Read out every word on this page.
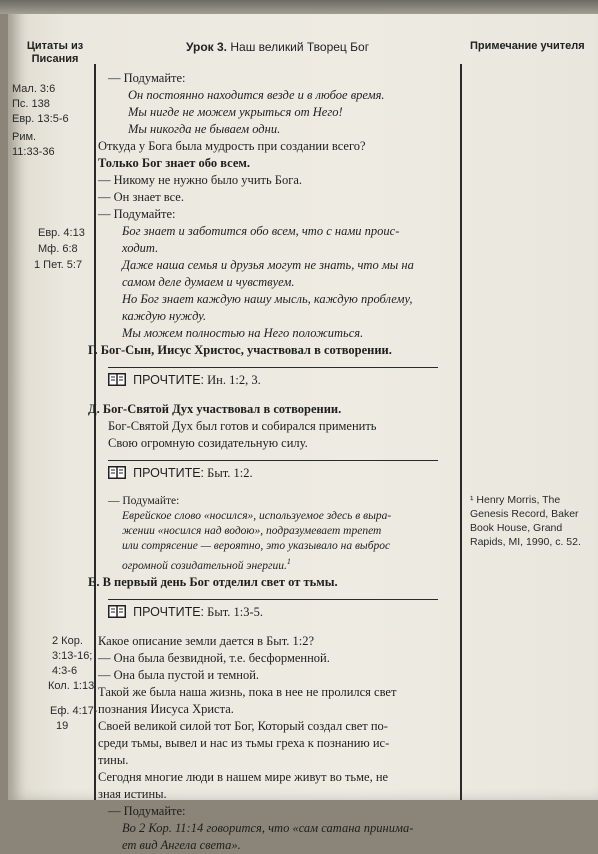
Цитаты из Писания
Урок 3. Наш великий Творец Бог	Примечание учителя
Мал. 3:6
Пс. 138
Евр. 13:5-6
Рим.
11:33-36
Евр. 4:13
Мф. 6:8
1 Пет. 5:7
2 Кор.
3:13-16;
4:3-6
Кол. 1:13
Еф. 4:17-
19
— Подумайте:
Он постоянно находится везде и в любое время.
Мы нигде не можем укрыться от Него!
Мы никогда не бываем одни.
Откуда у Бога была мудрость при создании всего?
Только Бог знает обо всем.
— Никому не нужно было учить Бога.
— Он знает все.
— Подумайте:
Бог знает и заботится обо всем, что с нами проис-
ходит.
Даже наша семья и друзья могут не знать, что мы на
самом деле думаем и чувствуем.
Но Бог знает каждую нашу мысль, каждую проблему,
каждую нужду.
Мы можем полностью на Него положиться.
Г. Бог-Сын, Иисус Христос, участвовал в сотворении.
ПРОЧТИТЕ: Ин. 1:2, 3.
Д. Бог-Святой Дух участвовал в сотворении.
Бог-Святой Дух был готов и собирался применить
Свою огромную созидательную силу.
ПРОЧТИТЕ: Быт. 1:2.
— Подумайте:
Еврейское слово «носился», используемое здесь в выра-
жении «носился над водою», подразумевает трепет
или сотрясение — вероятно, это указывало на выброс
огромной созидательной энергии.$^1$
Е. В первый день Бог отделил свет от тьмы.
ПРОЧТИТЕ: Быт. 1:3-5.
Какое описание земли дается в Быт. 1:2?
— Она была безвидной, т.е. бесформенной.
— Она была пустой и темной.
Такой же была наша жизнь, пока в нее не пролился свет
познания Иисуса Христа.
Своей великой силой тот Бог, Который создал свет по-
среди тьмы, вывел и нас из тьмы греха к познанию ис-
тины.
Сегодня многие люди в нашем мире живут во тьме, не
зная истины.
— Подумайте:
Во 2 Кор. 11:14 говорится, что «сам сатана принима-
ет вид Ангела света».
¹ Henry Morris, The Genesis Record, Baker Book House, Grand Rapids, MI, 1990, с. 52.
